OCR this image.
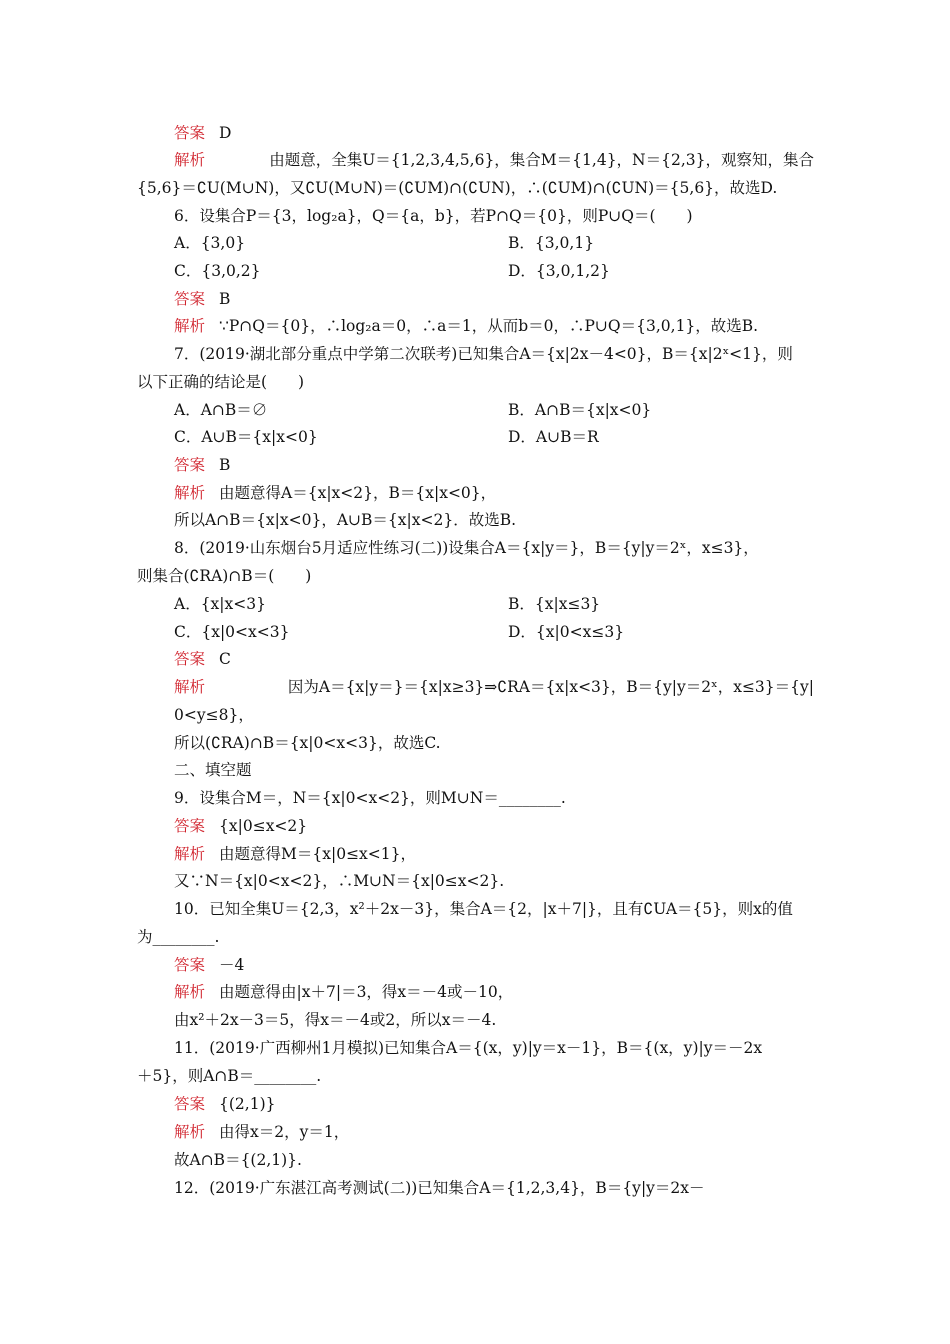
答案 D
解析	由题意，全集U＝{1,2,3,4,5,6}，集合M＝{1,4}，N＝{2,3}，观察知，集合
{5,6}＝∁U(M∪N)，又∁U(M∪N)＝(∁UM)∩(∁UN)，∴(∁UM)∩(∁UN)＝{5,6}，故选D.
6．设集合P＝{3，log₂a}，Q＝{a，b}，若P∩Q＝{0}，则P∪Q＝(　　)
A．{3,0}	B．{3,0,1}
C．{3,0,2}	D．{3,0,1,2}
答案 B
解析 ∵P∩Q＝{0}，∴log₂a＝0，∴a＝1，从而b＝0，∴P∪Q＝{3,0,1}，故选B.
7．(2019·湖北部分重点中学第二次联考)已知集合A＝{x|2x－4<0}，B＝{x|2ˣ<1}，则
以下正确的结论是(　　)
A．A∩B＝∅	B．A∩B＝{x|x<0}
C．A∪B＝{x|x<0}	D．A∪B＝R
答案 B
解析 由题意得A＝{x|x<2}，B＝{x|x<0}，
所以A∩B＝{x|x<0}，A∪B＝{x|x<2}．故选B.
8．(2019·山东烟台5月适应性练习(二))设集合A＝{x|y＝}，B＝{y|y＝2ˣ，x≤3}，
则集合(∁RA)∩B＝(　　)
A．{x|x<3}	B．{x|x≤3}
C．{x|0<x<3}	D．{x|0<x≤3}
答案 C
解析	因为A＝{x|y＝}＝{x|x≥3}⇒∁RA＝{x|x<3}，B＝{y|y＝2ˣ，x≤3}＝{y|
0<y≤8}，
所以(∁RA)∩B＝{x|0<x<3}，故选C.
二、填空题
9．设集合M＝，N＝{x|0<x<2}，则M∪N＝________.
答案 {x|0≤x<2}
解析 由题意得M＝{x|0≤x<1}，
又∵N＝{x|0<x<2}，∴M∪N＝{x|0≤x<2}.
10．已知全集U＝{2,3，x²＋2x－3}，集合A＝{2，|x＋7|}，且有∁UA＝{5}，则x的值
为________.
答案 －4
解析 由题意得由|x＋7|＝3，得x＝－4或－10，
由x²＋2x－3＝5，得x＝－4或2，所以x＝－4.
11．(2019·广西柳州1月模拟)已知集合A＝{(x，y)|y＝x－1}，B＝{(x，y)|y＝－2x
＋5}，则A∩B＝________.
答案 {(2,1)}
解析 由得x＝2，y＝1，
故A∩B＝{(2,1)}.
12．(2019·广东湛江高考测试(二))已知集合A＝{1,2,3,4}，B＝{y|y＝2x－
